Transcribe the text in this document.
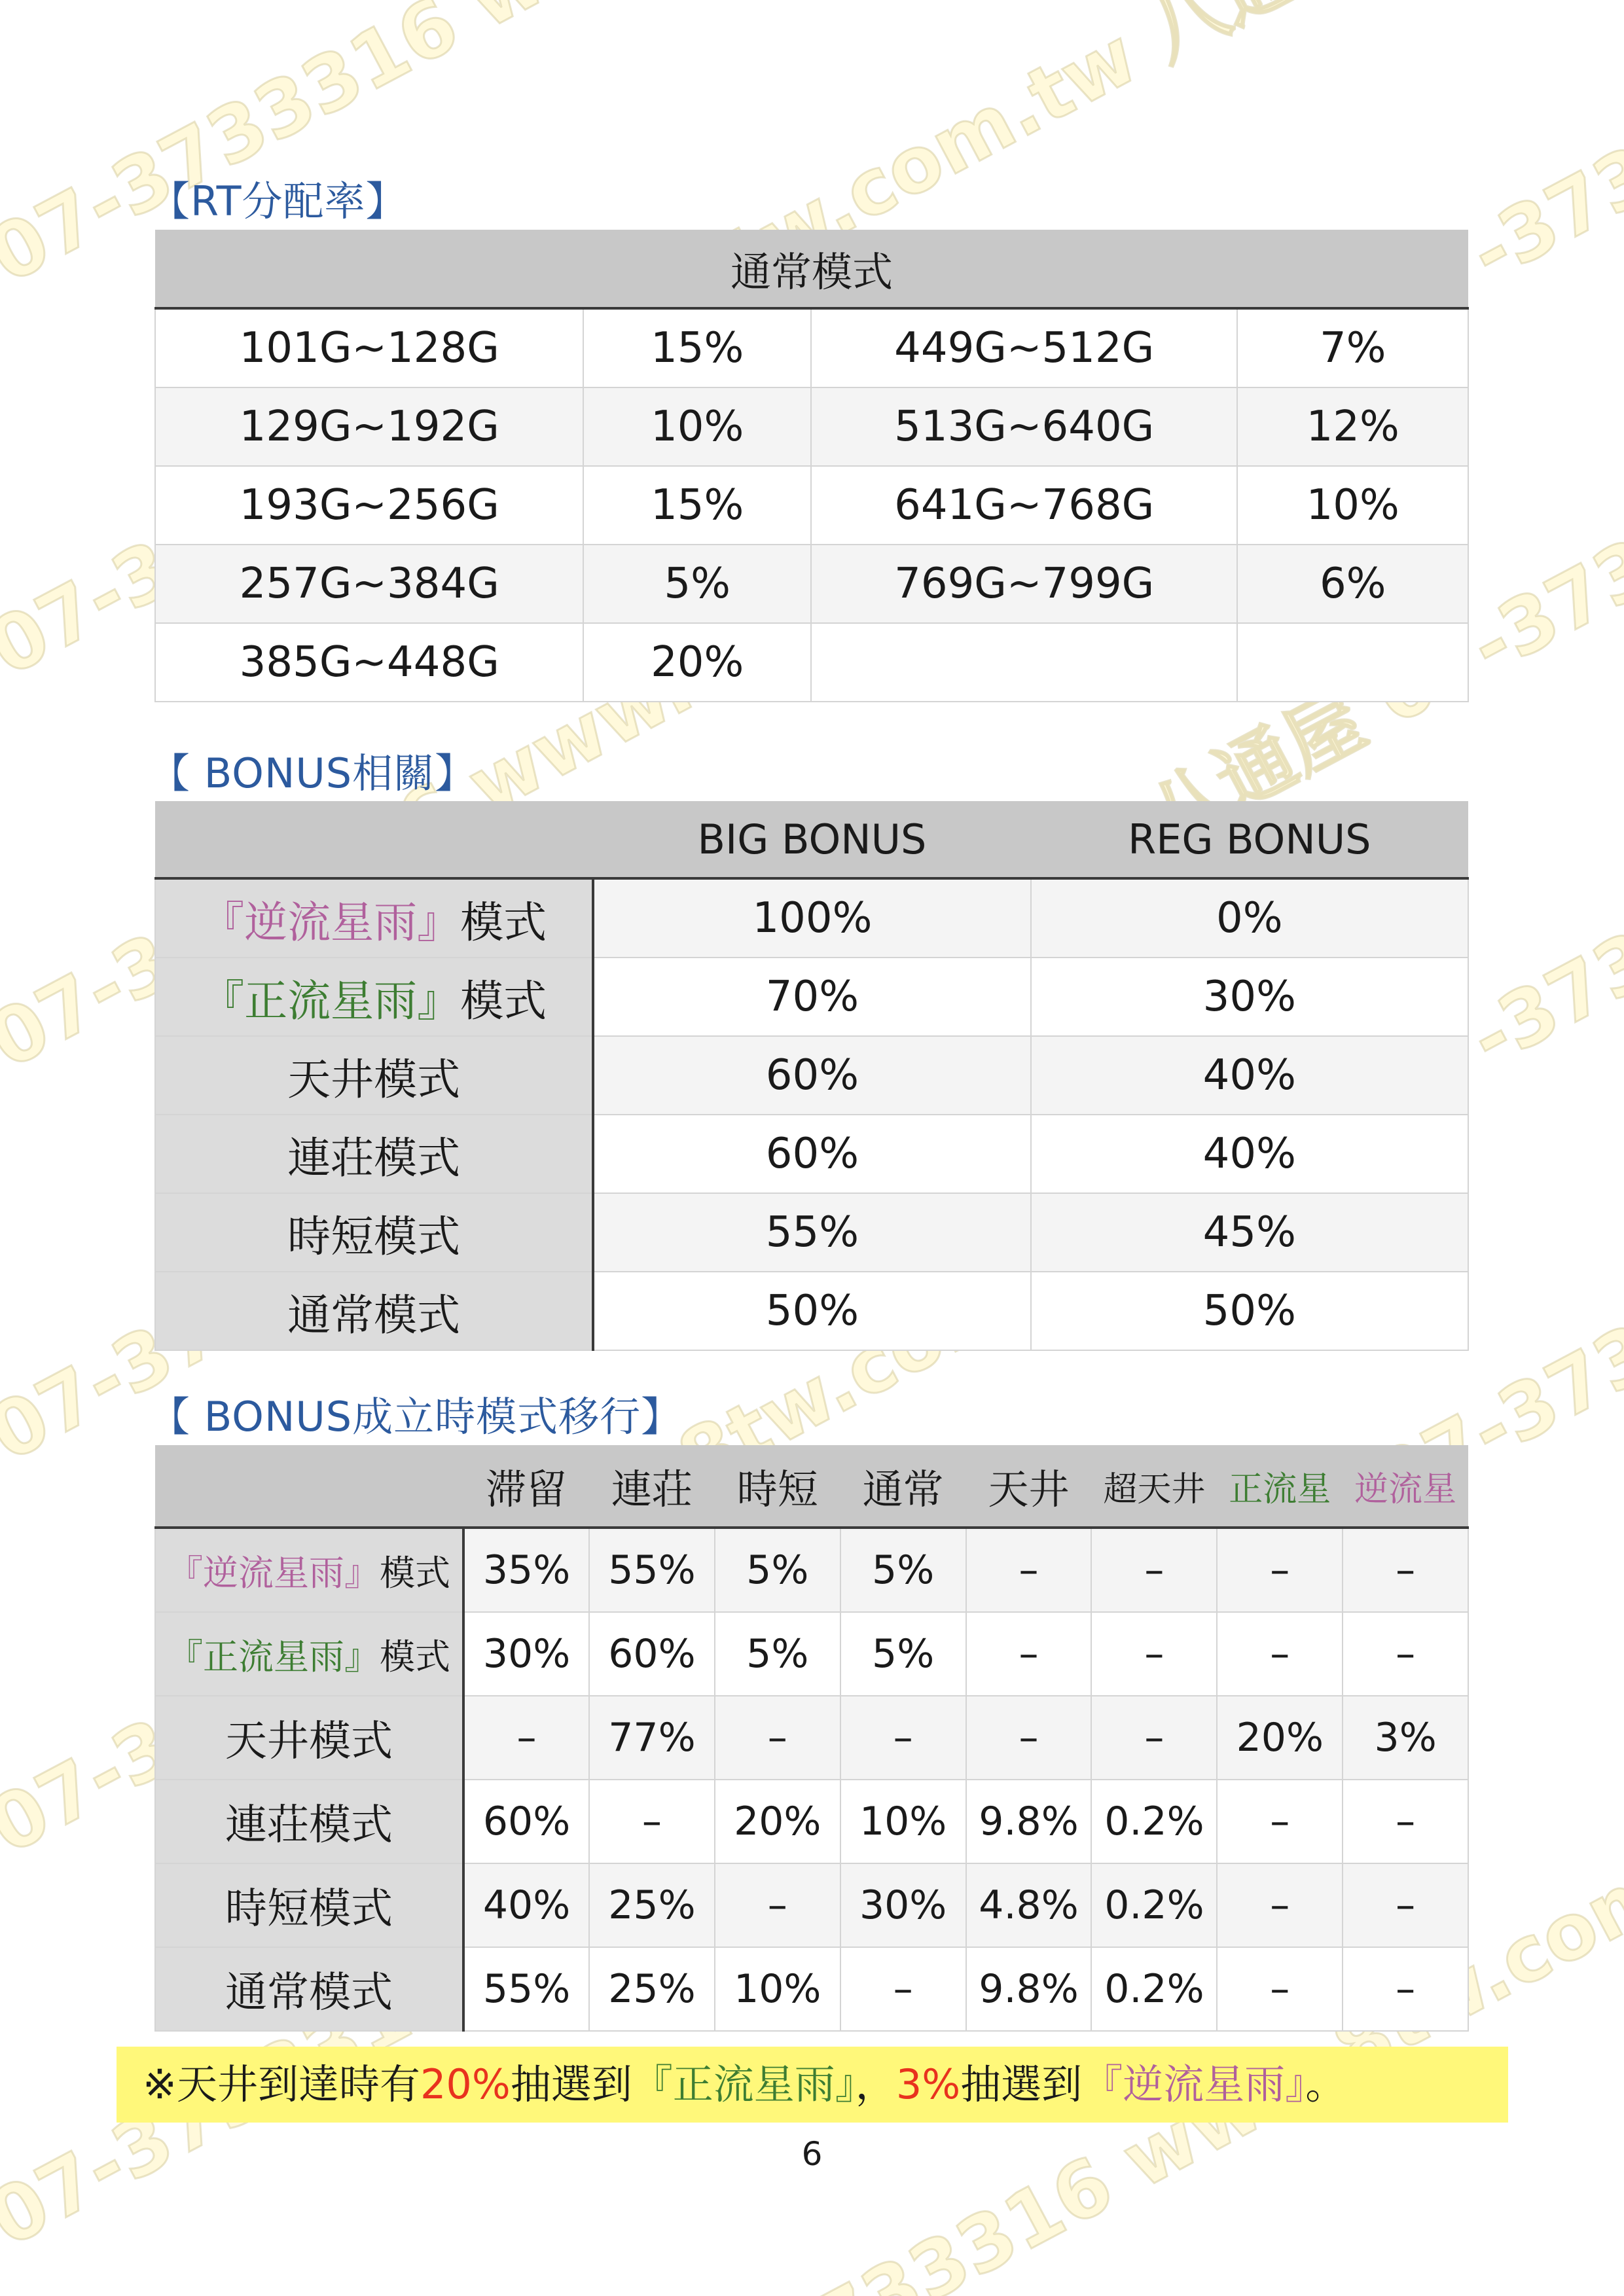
07-3733316
【RT分配率】
通常模式			
101G~128G	15%	449G~512G	7%
129G~192G	10%	513G~640G	12%
193G~256G	15%	641G~768G	10%
257G~384G	5%	769G~799G	6%
385G~448G	20%		
【 BONUS相關】
	BIG BONUS	REG BONUS
『逆流星雨』模式	100%	0%
『正流星雨』模式	70%	30%
天井模式	60%	40%
連荘模式	60%	40%
時短模式	55%	45%
通常模式	50%	50%
【 BONUS成立時模式移行】
	滞留	連荘	時短	通常	天井	超天井	正流星	逆流星
『逆流星雨』模式	35%	55%	5%	5%	–	–	–	–
『正流星雨』模式	30%	60%	5%	5%	–	–	–	–
天井模式	–	77%	–	–	–	–	20%	3%
連荘模式	60%	–	20%	10%	9.8%	0.2%	–	–
時短模式	40%	25%	–	30%	4.8%	0.2%	–	–
通常模式	55%	25%	10%	–	9.8%	0.2%	–	–
※天井到達時有20%抽選到『正流星雨』，3%抽選到『逆流星雨』。
6
